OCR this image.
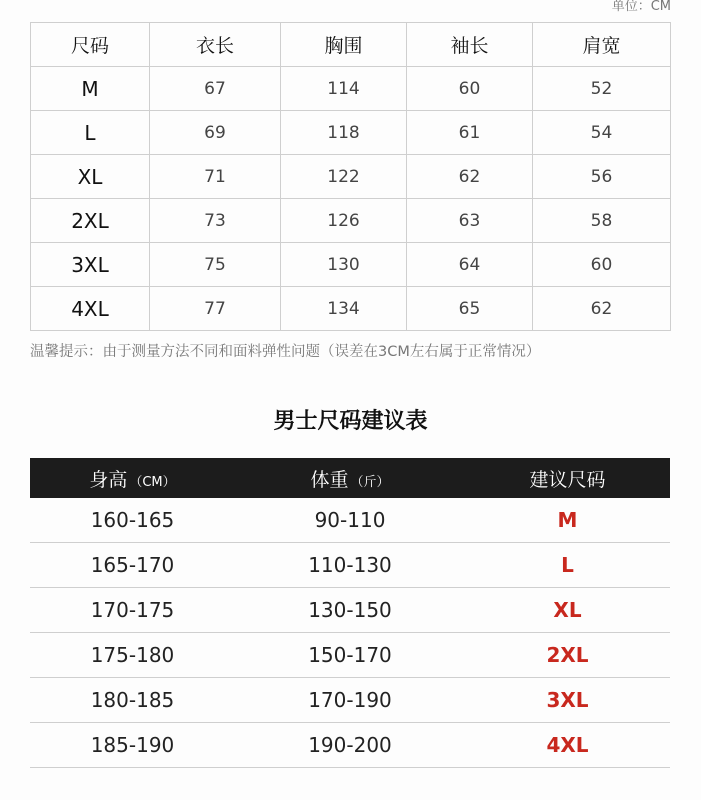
单位：CM
尺码	衣长	胸围	袖长	肩宽
M	67	114	60	52
L	69	118	61	54
XL	71	122	62	56
2XL	73	126	63	58
3XL	75	130	64	60
4XL	77	134	65	62
温馨提示：由于测量方法不同和面料弹性问题（误差在3CM左右属于正常情况）
男士尺码建议表
身高 （CM）	体重 （斤）	建议尺码
160-165	90-110	M
165-170	110-130	L
170-175	130-150	XL
175-180	150-170	2XL
180-185	170-190	3XL
185-190	190-200	4XL
